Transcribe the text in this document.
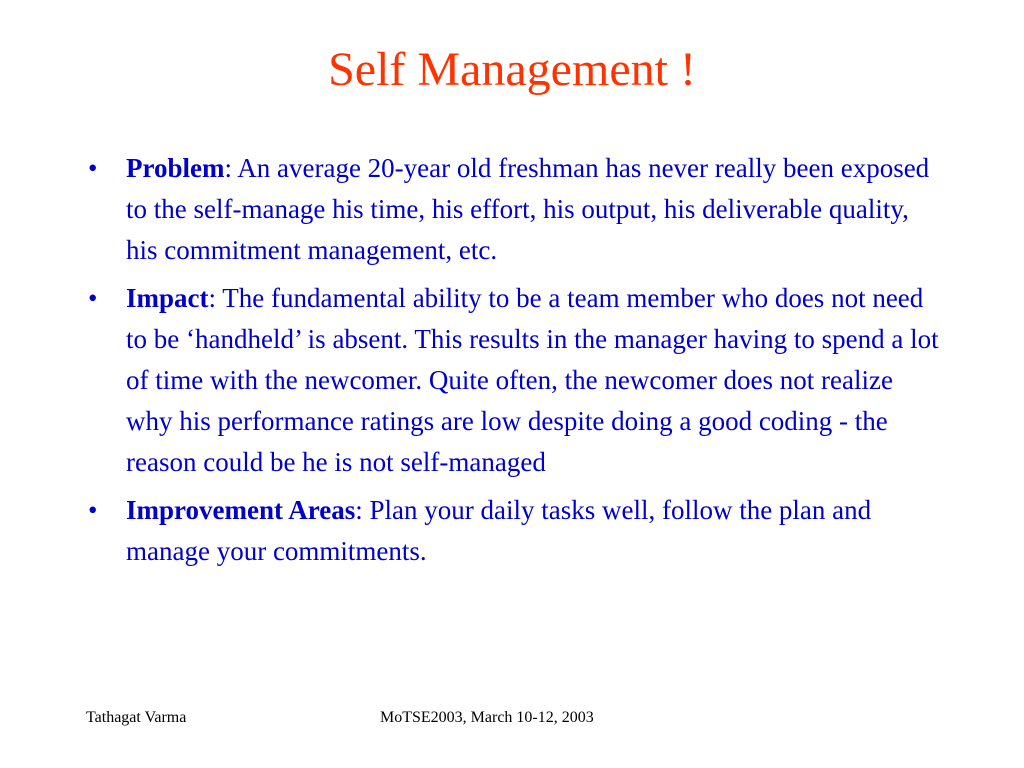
Self Management !
• Problem: An average 20-year old freshman has never really been exposed to the self-manage his time, his effort, his output, his deliverable quality, his commitment management, etc.
• Impact: The fundamental ability to be a team member who does not need to be ‘handheld’ is absent. This results in the manager having to spend a lot of time with the newcomer. Quite often, the newcomer does not realize why his performance ratings are low despite doing a good coding - the reason could be he is not self-managed
• Improvement Areas: Plan your daily tasks well, follow the plan and manage your commitments.
Tathagat Varma	MoTSE2003, March 10-12, 2003
